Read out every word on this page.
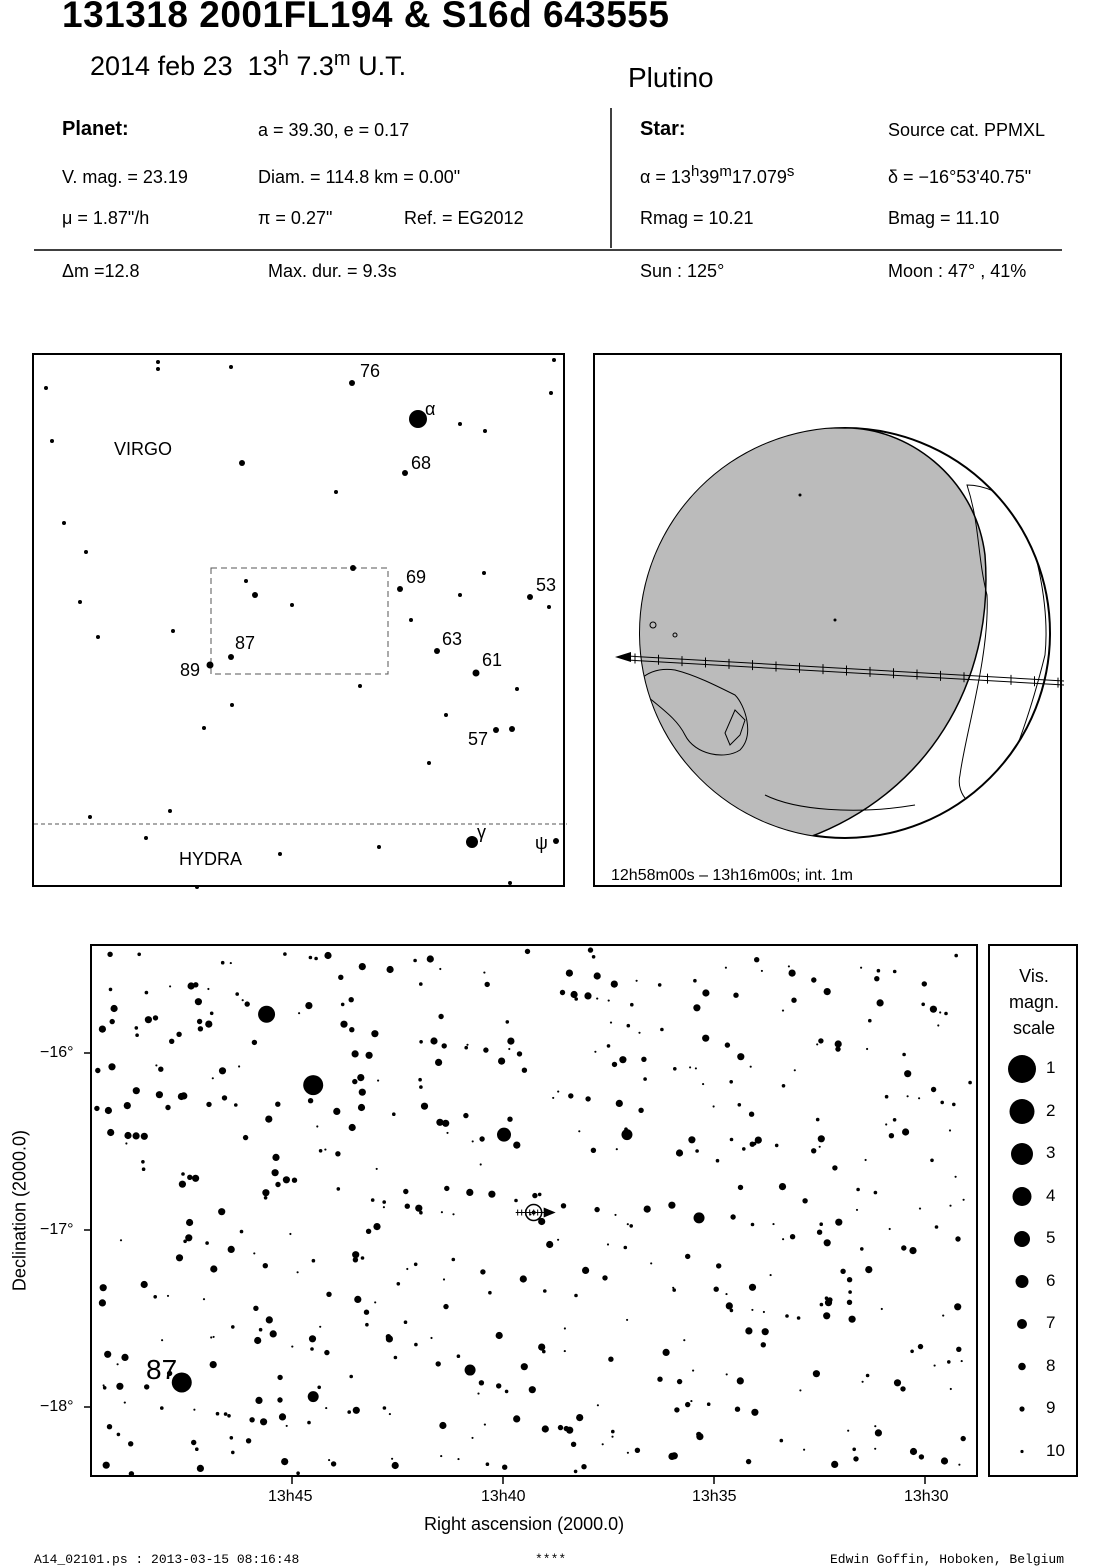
131318 2001FL194 & S16d 643555
2014 feb 23 13$^h$ 7.3$^m$ U.T.	Plutino
Planet:	a = 39.30, e = 0.17
V. mag. = 23.19	Diam. = 114.8 km = 0.00"
μ = 1.87"/h	π = 0.27"	Ref. = EG2012
Star:	Source cat. PPMXL
$\alpha = 13^h39^m17.079^s$	δ = −16°53'40.75"
Rmag = 10.21	Bmag = 11.10
Δm =12.8	Max. dur. = 9.3s	Sun : 125°	Moon : 47° , 41%
VIRGO
HYDRA
76
α
68
69	53
87	63
61
89
57
γ
ψ
12h58m00s – 13h16m00s; int. 1m
87
13h45	13h40	13h35	13h30
−16°
−17°
−18°
Right ascension (2000.0)
Declination (2000.0)
Vis.
magn.
scale
1
2
3
4
5
6
7
8
9
10
A14_02101.ps : 2013-03-15 08:16:48	****	Edwin Goffin, Hoboken, Belgium
